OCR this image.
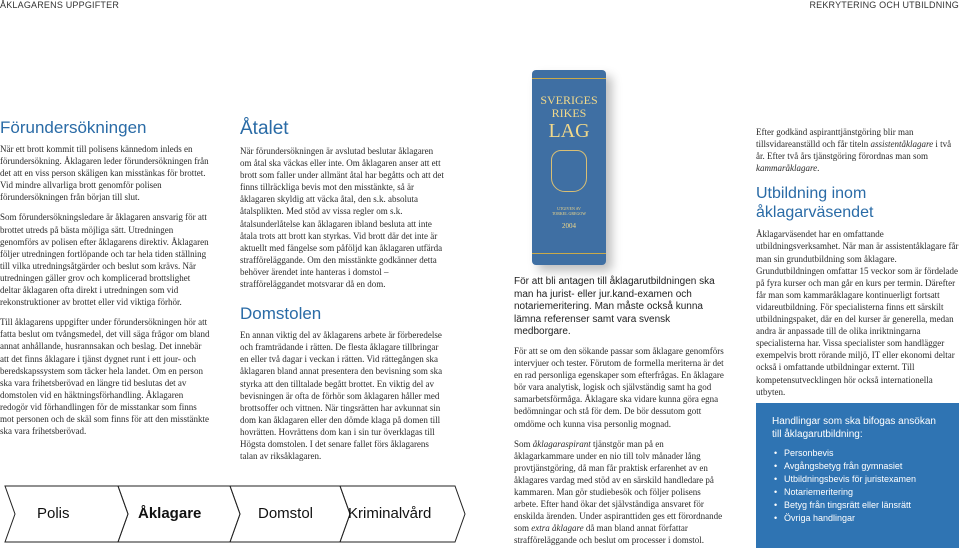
ÅKLAGARENS UPPGIFTER	REKRYTERING OCH UTBILDNING
Förundersökningen

När ett brott kommit till polisens kännedom inleds en förundersökning. Åklagaren leder förundersökningen från det att en viss person skäligen kan misstänkas för brottet. Vid mindre allvarliga brott genomför polisen förundersökningen från början till slut.

Som förundersökningsledare är åklagaren ansvarig för att brottet utreds på bästa möjliga sätt. Utredningen genomförs av polisen efter åklagarens direktiv. Åklagaren följer utredningen fortlöpande och tar hela tiden ställning till vilka utredningsåtgärder och beslut som krävs. När utredningen gäller grov och komplicerad brottslighet deltar åklagaren ofta direkt i utredningen som vid rekonstruktioner av brottet eller vid viktiga förhör.

Till åklagarens uppgifter under förundersökningen hör att fatta beslut om tvångsmedel, det vill säga frågor om bland annat anhållande, husrannsakan och beslag. Det innebär att det finns åklagare i tjänst dygnet runt i ett jour- och beredskapssystem som täcker hela landet. Om en person ska vara frihetsberövad en längre tid beslutas det av domstolen vid en häktningsförhandling. Åklagaren redogör vid förhandlingen för de misstankar som finns mot personen och de skäl som finns för att den misstänkte ska vara frihetsberövad.

Åtalet

När förundersökningen är avslutad beslutar åklagaren om åtal ska väckas eller inte. Om åklagaren anser att ett brott som faller under allmänt åtal har begåtts och att det finns tillräckliga bevis mot den misstänkte, så är åklagaren skyldig att väcka åtal, den s.k. absoluta åtalsplikten. Med stöd av vissa regler om s.k. åtalsunderlåtelse kan åklagaren ibland besluta att inte åtala trots att brott kan styrkas. Vid brott där det inte är aktuellt med fängelse som påföljd kan åklagaren utfärda strafföreläggande. Om den misstänkte godkänner detta behöver ärendet inte hanteras i domstol – strafföreläggandet motsvarar då en dom.

Domstolen

En annan viktig del av åklagarens arbete är förberedelse och framträdande i rätten. De flesta åklagare tillbringar en eller två dagar i veckan i rätten. Vid rättegången ska åklagaren bland annat presentera den bevisning som ska styrka att den tilltalade begått brottet. En viktig del av bevisningen är ofta de förhör som åklagaren håller med brottsoffer och vittnen. När tingsrätten har avkunnat sin dom kan åklagaren eller den dömde klaga på domen till hovrätten. Hovrättens dom kan i sin tur överklagas till Högsta domstolen. I det senare fallet förs åklagarens talan av riksåklagaren.

SVERIGES
RIKES
LAG
UTGIVEN AV
TORKEL GREGOW
2004

För att bli antagen till åklagarutbildningen ska man ha jurist- eller jur.kand-examen och notariemeritering. Man måste också kunna lämna referenser samt vara svensk medborgare.

För att se om den sökande passar som åklagare genomförs intervjuer och tester. Förutom de formella meriterna är det en rad personliga egenskaper som efterfrågas. En åklagare bör vara analytisk, logisk och självständig samt ha god samarbetsförmåga. Åklagare ska vidare kunna göra egna bedömningar och stå för dem. De bör dessutom gott omdöme och kunna visa personlig mognad.

Som åklagaraspirant tjänstgör man på en åklagarkammare under en nio till tolv månader lång provtjänstgöring, då man får praktisk erfarenhet av en åklagares vardag med stöd av en särskild handledare på kammaren. Man gör studiebesök och följer polisens arbete. Efter hand ökar det självständiga ansvaret för enskilda ärenden. Under aspiranttiden ges ett förordnande som extra åklagare då man bland annat författar strafföreläggande och beslut om processer i domstol.

Efter godkänd aspiranttjänstgöring blir man tillsvidareanställd och får titeln assistentåklagare i två år. Efter två års tjänstgöring förordnas man som kammaråklagare.

Utbildning inom åklagarväsendet

Åklagarväsendet har en omfattande utbildningsverksamhet. När man är assistentåklagare får man sin grundutbildning som åklagare. Grundutbildningen omfattar 15 veckor som är fördelade på fyra kurser och man går en kurs per termin. Därefter får man som kammaråklagare kontinuerligt fortsatt vidareutbildning. För specialisterna finns ett särskilt utbildningspaket, där en del kurser är generella, medan andra är anpassade till de olika inriktningarna specialisterna har. Vissa specialister som handlägger exempelvis brott rörande miljö, IT eller ekonomi deltar också i omfattande utbildningar externt. Till kompetensutvecklingen hör också internationella utbyten.

Handlingar som ska bifogas ansökan till åklagarutbildning:
• Personbevis
• Avgångsbetyg från gymnasiet
• Utbildningsbevis för juristexamen
• Notariemeritering
• Betyg från tingsrätt eller länsrätt
• Övriga handlingar
Polis	Åklagare	Domstol Kriminalvård
